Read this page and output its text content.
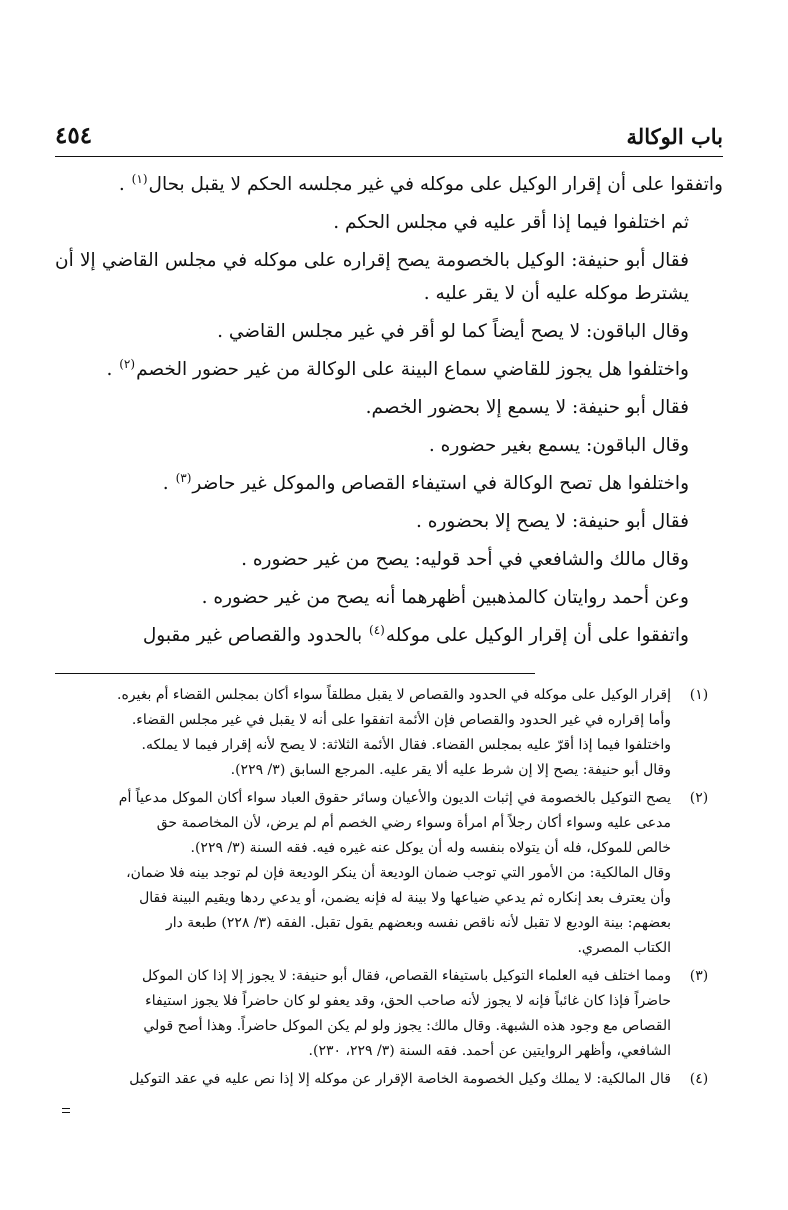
باب الوكالة
٤٥٤

واتفقوا على أن إقرار الوكيل على موكله في غير مجلسه الحكم لا يقبل بحال$^{(١)}$ .

ثم اختلفوا فيما إذا أقر عليه في مجلس الحكم .

فقال أبو حنيفة: الوكيل بالخصومة يصح إقراره على موكله في مجلس القاضي إلا أن يشترط موكله عليه أن لا يقر عليه .

وقال الباقون: لا يصح أيضاً كما لو أقر في غير مجلس القاضي .

واختلفوا هل يجوز للقاضي سماع البينة على الوكالة من غير حضور الخصم$^{(٢)}$ .

فقال أبو حنيفة: لا يسمع إلا بحضور الخصم.

وقال الباقون: يسمع بغير حضوره .

واختلفوا هل تصح الوكالة في استيفاء القصاص والموكل غير حاضر$^{(٣)}$ .

فقال أبو حنيفة: لا يصح إلا بحضوره .

وقال مالك والشافعي في أحد قوليه: يصح من غير حضوره .

وعن أحمد روايتان كالمذهبين أظهرهما أنه يصح من غير حضوره .

واتفقوا على أن إقرار الوكيل على موكله$^{(٤)}$ بالحدود والقصاص غير مقبول

(١)
إقرار الوكيل على موكله في الحدود والقصاص لا يقبل مطلقاً سواء أكان بمجلس القضاء أم بغيره.
وأما إقراره في غير الحدود والقصاص فإن الأئمة اتفقوا على أنه لا يقبل في غير مجلس القضاء.
واختلفوا فيما إذا أقرّ عليه بمجلس القضاء. فقال الأئمة الثلاثة: لا يصح لأنه إقرار فيما لا يملكه.
وقال أبو حنيفة: يصح إلا إن شرط عليه ألا يقر عليه. المرجع السابق (٣/ ٢٢٩).
(٢)
يصح التوكيل بالخصومة في إثبات الديون والأعيان وسائر حقوق العباد سواء أكان الموكل مدعياً أم
مدعى عليه وسواء أكان رجلاً أم امرأة وسواء رضي الخصم أم لم يرض، لأن المخاصمة حق
خالص للموكل، فله أن يتولاه بنفسه وله أن يوكل عنه غيره فيه. فقه السنة (٣/ ٢٢٩).
وقال المالكية: من الأمور التي توجب ضمان الوديعة أن ينكر الوديعة فإن لم توجد بينه فلا ضمان،
وأن يعترف بعد إنكاره ثم يدعي ضياعها ولا بينة له فإنه يضمن، أو يدعي ردها ويقيم البينة فقال
بعضهم: بينة الوديع لا تقبل لأنه ناقص نفسه وبعضهم يقول تقبل. الفقه (٣/ ٢٢٨) طبعة دار
الكتاب المصري.
(٣)
ومما اختلف فيه العلماء التوكيل باستيفاء القصاص، فقال أبو حنيفة: لا يجوز إلا إذا كان الموكل
حاضراً فإذا كان غائباً فإنه لا يجوز لأنه صاحب الحق، وقد يعفو لو كان حاضراً فلا يجوز استيفاء
القصاص مع وجود هذه الشبهة. وقال مالك: يجوز ولو لم يكن الموكل حاضراً. وهذا أصح قولي
الشافعي، وأظهر الروايتين عن أحمد. فقه السنة (٣/ ٢٢٩، ٢٣٠).
(٤)
قال المالكية: لا يملك وكيل الخصومة الخاصة الإقرار عن موكله إلا إذا نص عليه في عقد التوكيل
